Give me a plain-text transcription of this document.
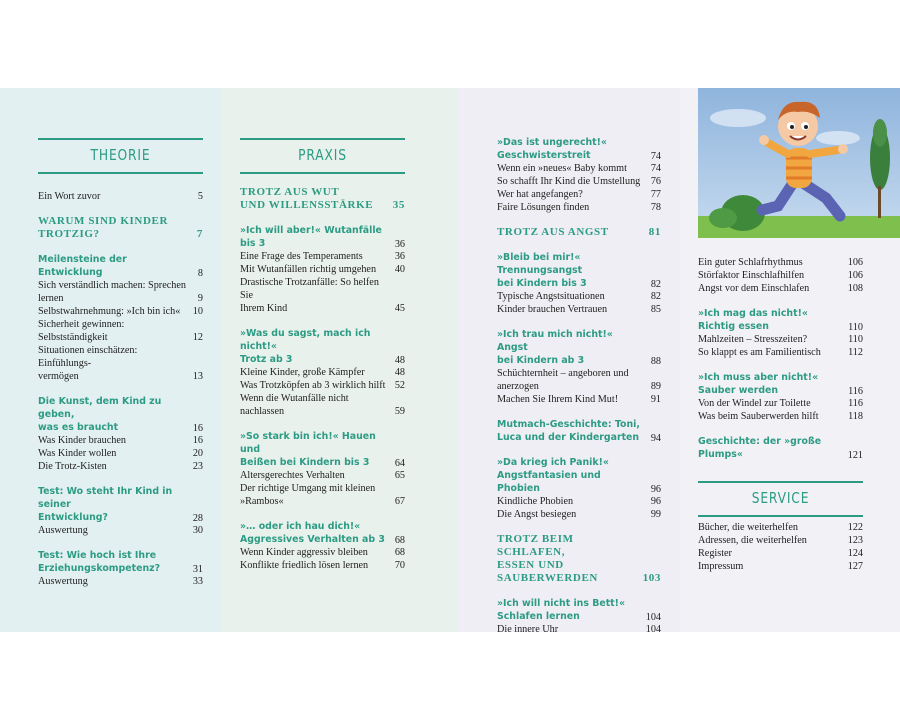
THEORIE
Ein Wort zuvor	5
WARUM SIND KINDER
TROTZIG?	7
Meilensteine der Entwicklung	8
Sich verständlich machen: Sprechen
lernen	9
Selbstwahrnehmung: »Ich bin ich« 10
Sicherheit gewinnen:
Selbstständigkeit	12
Situationen einschätzen: Einfühlungs-
vermögen	13
Die Kunst, dem Kind zu geben,
was es braucht	16
Was Kinder brauchen	16
Was Kinder wollen	20
Die Trotz-Kisten	23
Test: Wo steht Ihr Kind in seiner
Entwicklung?	28
Auswertung	30
Test: Wie hoch ist Ihre
Erziehungskompetenz?	31
Auswertung	33
PRAXIS
TROTZ AUS WUT
UND WILLENSSTÄRKE 35
»Ich will aber!« Wutanfälle
bis 3	36
Eine Frage des Temperaments	36
Mit Wutanfällen richtig umgehen 40
Drastische Trotzanfälle: So helfen Sie
Ihrem Kind	45
»Was du sagst, mach ich nicht!«
Trotz ab 3	48
Kleine Kinder, große Kämpfer	48
Was Trotzköpfen ab 3 wirklich hilft 52
Wenn die Wutanfälle nicht
nachlassen	59
»So stark bin ich!« Hauen und
Beißen bei Kindern bis 3	64
Altersgerechtes Verhalten	65
Der richtige Umgang mit kleinen
»Rambos«	67
»… oder ich hau dich!«
Aggressives Verhalten ab 3 68
Wenn Kinder aggressiv bleiben	68
Konflikte friedlich lösen lernen	70
»Das ist ungerecht!«
Geschwisterstreit	74
Wenn ein »neues« Baby kommt 74
So schafft Ihr Kind die Umstellung 76
Wer hat angefangen?	77
Faire Lösungen finden	78
TROTZ AUS ANGST	81
»Bleib bei mir!« Trennungsangst
bei Kindern bis 3	82
Typische Angstsituationen	82
Kinder brauchen Vertrauen	85
»Ich trau mich nicht!« Angst
bei Kindern ab 3	88
Schüchternheit – angeboren und
anerzogen	89
Machen Sie Ihrem Kind Mut!	91
Mutmach-Geschichte: Toni,
Luca und der Kindergarten 94
»Da krieg ich Panik!«
Angstfantasien und Phobien	96
Kindliche Phobien	96
Die Angst besiegen	99
TROTZ BEIM SCHLAFEN,
ESSEN UND SAUBERWERDEN	103
»Ich will nicht ins Bett!«
Schlafen lernen	104
Die innere Uhr	104
Ein guter Schlafrhythmus	106
Störfaktor Einschlafhilfen	106
Angst vor dem Einschlafen	108
»Ich mag das nicht!«
Richtig essen	110
Mahlzeiten – Stresszeiten?	110
So klappt es am Familientisch	112
»Ich muss aber nicht!«
Sauber werden	116
Von der Windel zur Toilette	116
Was beim Sauberwerden hilft	118
Geschichte: der »große Plumps«	121
SERVICE
Bücher, die weiterhelfen	122
Adressen, die weiterhelfen	123
Register	124
Impressum	127
